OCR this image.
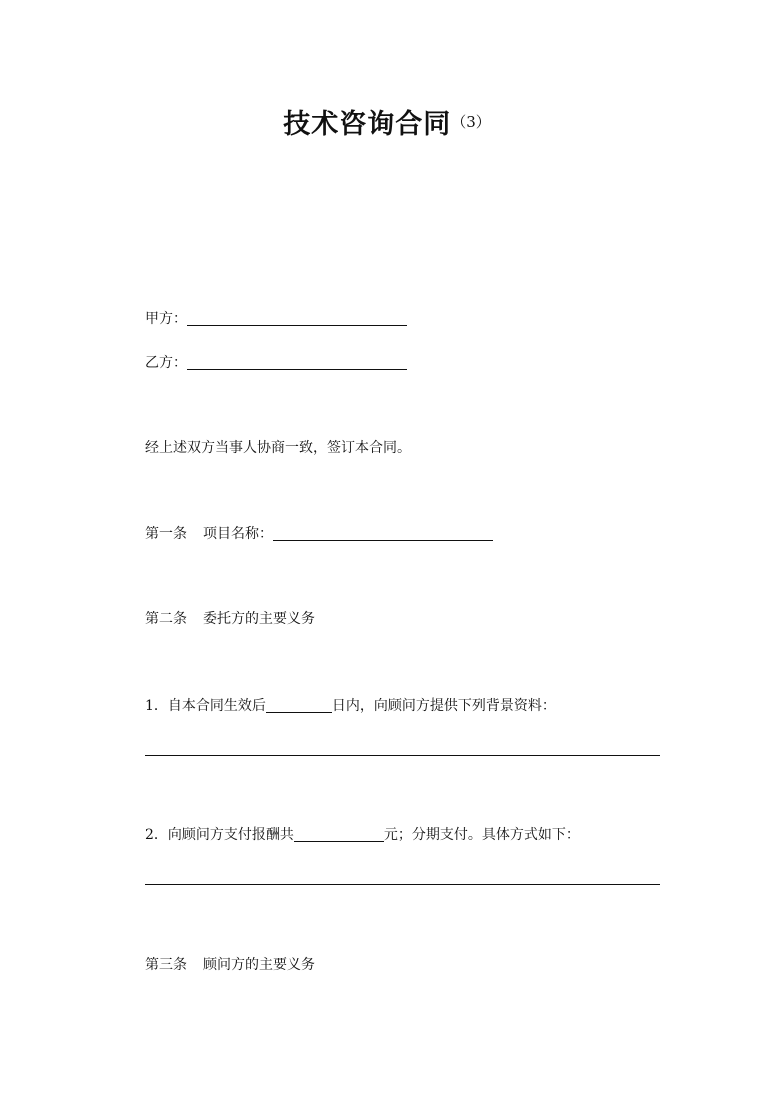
技术咨询合同（3）
甲方：
乙方：
经上述双方当事人协商一致，签订本合同。
第一条 项目名称：
第二条 委托方的主要义务
1．自本合同生效后	日内，向顾问方提供下列背景资料：
2．向顾问方支付报酬共	元；分期支付。具体方式如下：
第三条 顾问方的主要义务
